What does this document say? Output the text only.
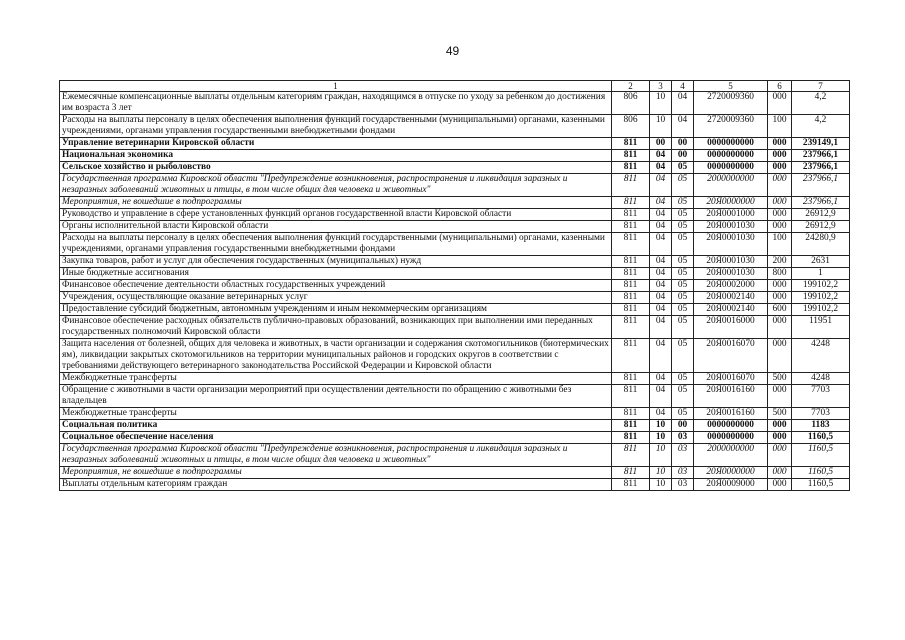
49
1	2	3	4	5	6	7
Ежемесячные компенсационные выплаты отдельным категориям граждан, находящимся в отпуске по уходу за ребенком до достижения им возраста 3 лет	806	10	04	2720009360	000	4,2
Расходы на выплаты персоналу в целях обеспечения выполнения функций государственными (муниципальными) органами, казенными учреждениями, органами управления государственными внебюджетными фондами	806	10	04	2720009360	100	4,2
Управление ветеринарии Кировской области	811	00	00	0000000000	000	239149,1
Национальная экономика	811	04	00	0000000000	000	237966,1
Сельское хозяйство и рыболовство	811	04	05	0000000000	000	237966,1
Государственная программа Кировской области "Предупреждение возникновения, распространения и ликвидация заразных и незаразных заболеваний животных и птицы, в том числе общих для человека и животных"	811	04	05	2000000000	000	237966,1
Мероприятия, не вошедшие в подпрограммы	811	04	05	20Я0000000	000	237966,1
Руководство и управление в сфере установленных функций органов государственной власти Кировской области	811	04	05	20Я0001000	000	26912,9
Органы исполнительной власти Кировской области	811	04	05	20Я0001030	000	26912,9
Расходы на выплаты персоналу в целях обеспечения выполнения функций государственными (муниципальными) органами, казенными учреждениями, органами управления государственными внебюджетными фондами	811	04	05	20Я0001030	100	24280,9
Закупка товаров, работ и услуг для обеспечения государственных (муниципальных) нужд	811	04	05	20Я0001030	200	2631
Иные бюджетные ассигнования	811	04	05	20Я0001030	800	1
Финансовое обеспечение деятельности областных государственных учреждений	811	04	05	20Я0002000	000	199102,2
Учреждения, осуществляющие оказание ветеринарных услуг	811	04	05	20Я0002140	000	199102,2
Предоставление субсидий бюджетным, автономным учреждениям и иным некоммерческим организациям	811	04	05	20Я0002140	600	199102,2
Финансовое обеспечение расходных обязательств публично-правовых образований, возникающих при выполнении ими переданных государственных полномочий Кировской области	811	04	05	20Я0016000	000	11951
Защита населения от болезней, общих для человека и животных, в части организации и содержания скотомогильников (биотермических ям), ликвидации закрытых скотомогильников на территории муниципальных районов и городских округов в соответствии с требованиями действующего ветеринарного законодательства Российской Федерации и Кировской области	811	04	05	20Я0016070	000	4248
Межбюджетные трансферты	811	04	05	20Я0016070	500	4248
Обращение с животными в части организации мероприятий при осуществлении деятельности по обращению с животными без владельцев	811	04	05	20Я0016160	000	7703
Межбюджетные трансферты	811	04	05	20Я0016160	500	7703
Социальная политика	811	10	00	0000000000	000	1183
Социальное обеспечение населения	811	10	03	0000000000	000	1160,5
Государственная программа Кировской области "Предупреждение возникновения, распространения и ликвидация заразных и незаразных заболеваний животных и птицы, в том числе общих для человека и животных"	811	10	03	2000000000	000	1160,5
Мероприятия, не вошедшие в подпрограммы	811	10	03	20Я0000000	000	1160,5
Выплаты отдельным категориям граждан	811	10	03	20Я0009000	000	1160,5
